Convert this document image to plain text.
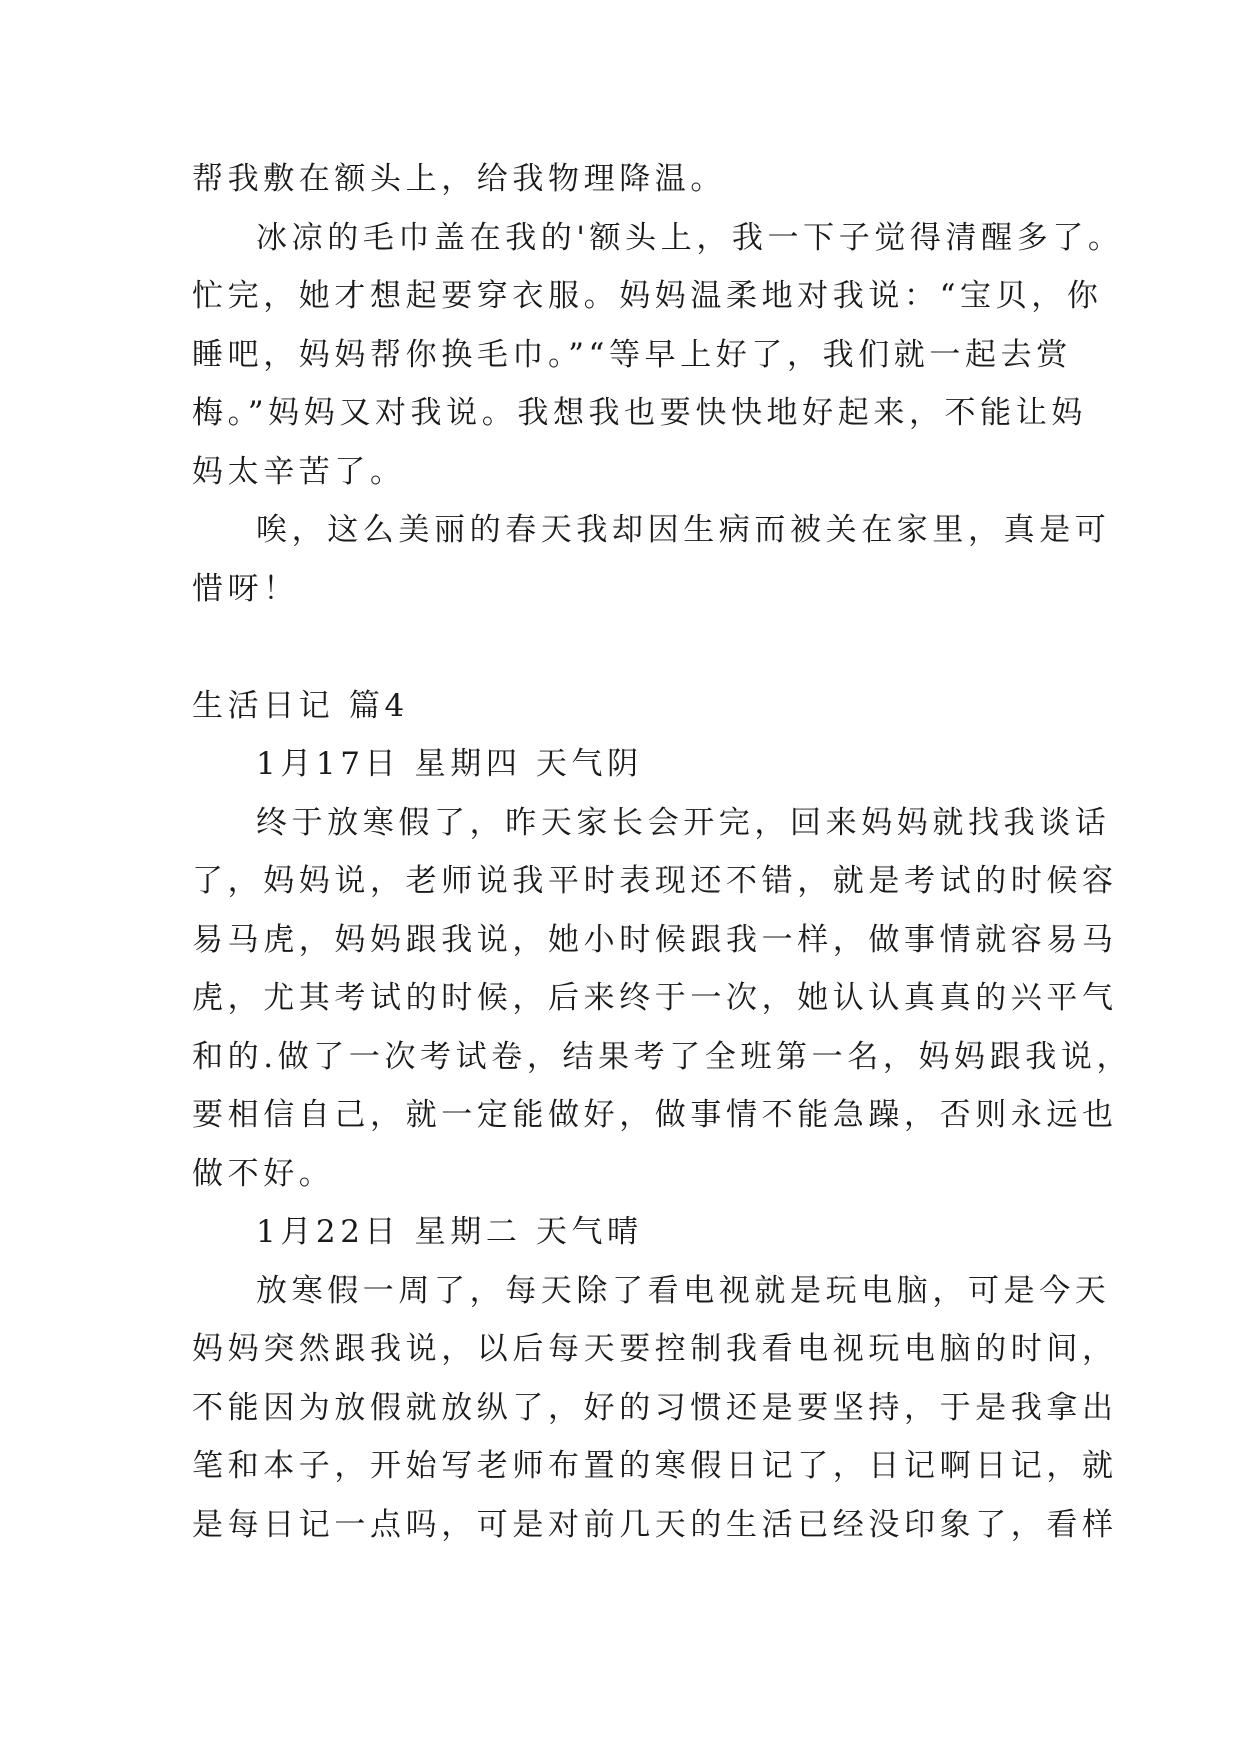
帮我敷在额头上，给我物理降温。
冰凉的毛巾盖在我的'额头上，我一下子觉得清醒多了。
忙完，她才想起要穿衣服。妈妈温柔地对我说：“宝贝，你
睡吧，妈妈帮你换毛巾。”“等早上好了，我们就一起去赏
梅。”妈妈又对我说。我想我也要快快地好起来，不能让妈
妈太辛苦了。
唉，这么美丽的春天我却因生病而被关在家里，真是可
惜呀！
生活日记 篇4
1月17日 星期四 天气阴
终于放寒假了，昨天家长会开完，回来妈妈就找我谈话
了，妈妈说，老师说我平时表现还不错，就是考试的时候容
易马虎，妈妈跟我说，她小时候跟我一样，做事情就容易马
虎，尤其考试的时候，后来终于一次，她认认真真的兴平气
和的.做了一次考试卷，结果考了全班第一名，妈妈跟我说，
要相信自己，就一定能做好，做事情不能急躁，否则永远也
做不好。
1月22日 星期二 天气晴
放寒假一周了，每天除了看电视就是玩电脑，可是今天
妈妈突然跟我说，以后每天要控制我看电视玩电脑的时间，
不能因为放假就放纵了，好的习惯还是要坚持，于是我拿出
笔和本子，开始写老师布置的寒假日记了，日记啊日记，就
是每日记一点吗，可是对前几天的生活已经没印象了，看样
